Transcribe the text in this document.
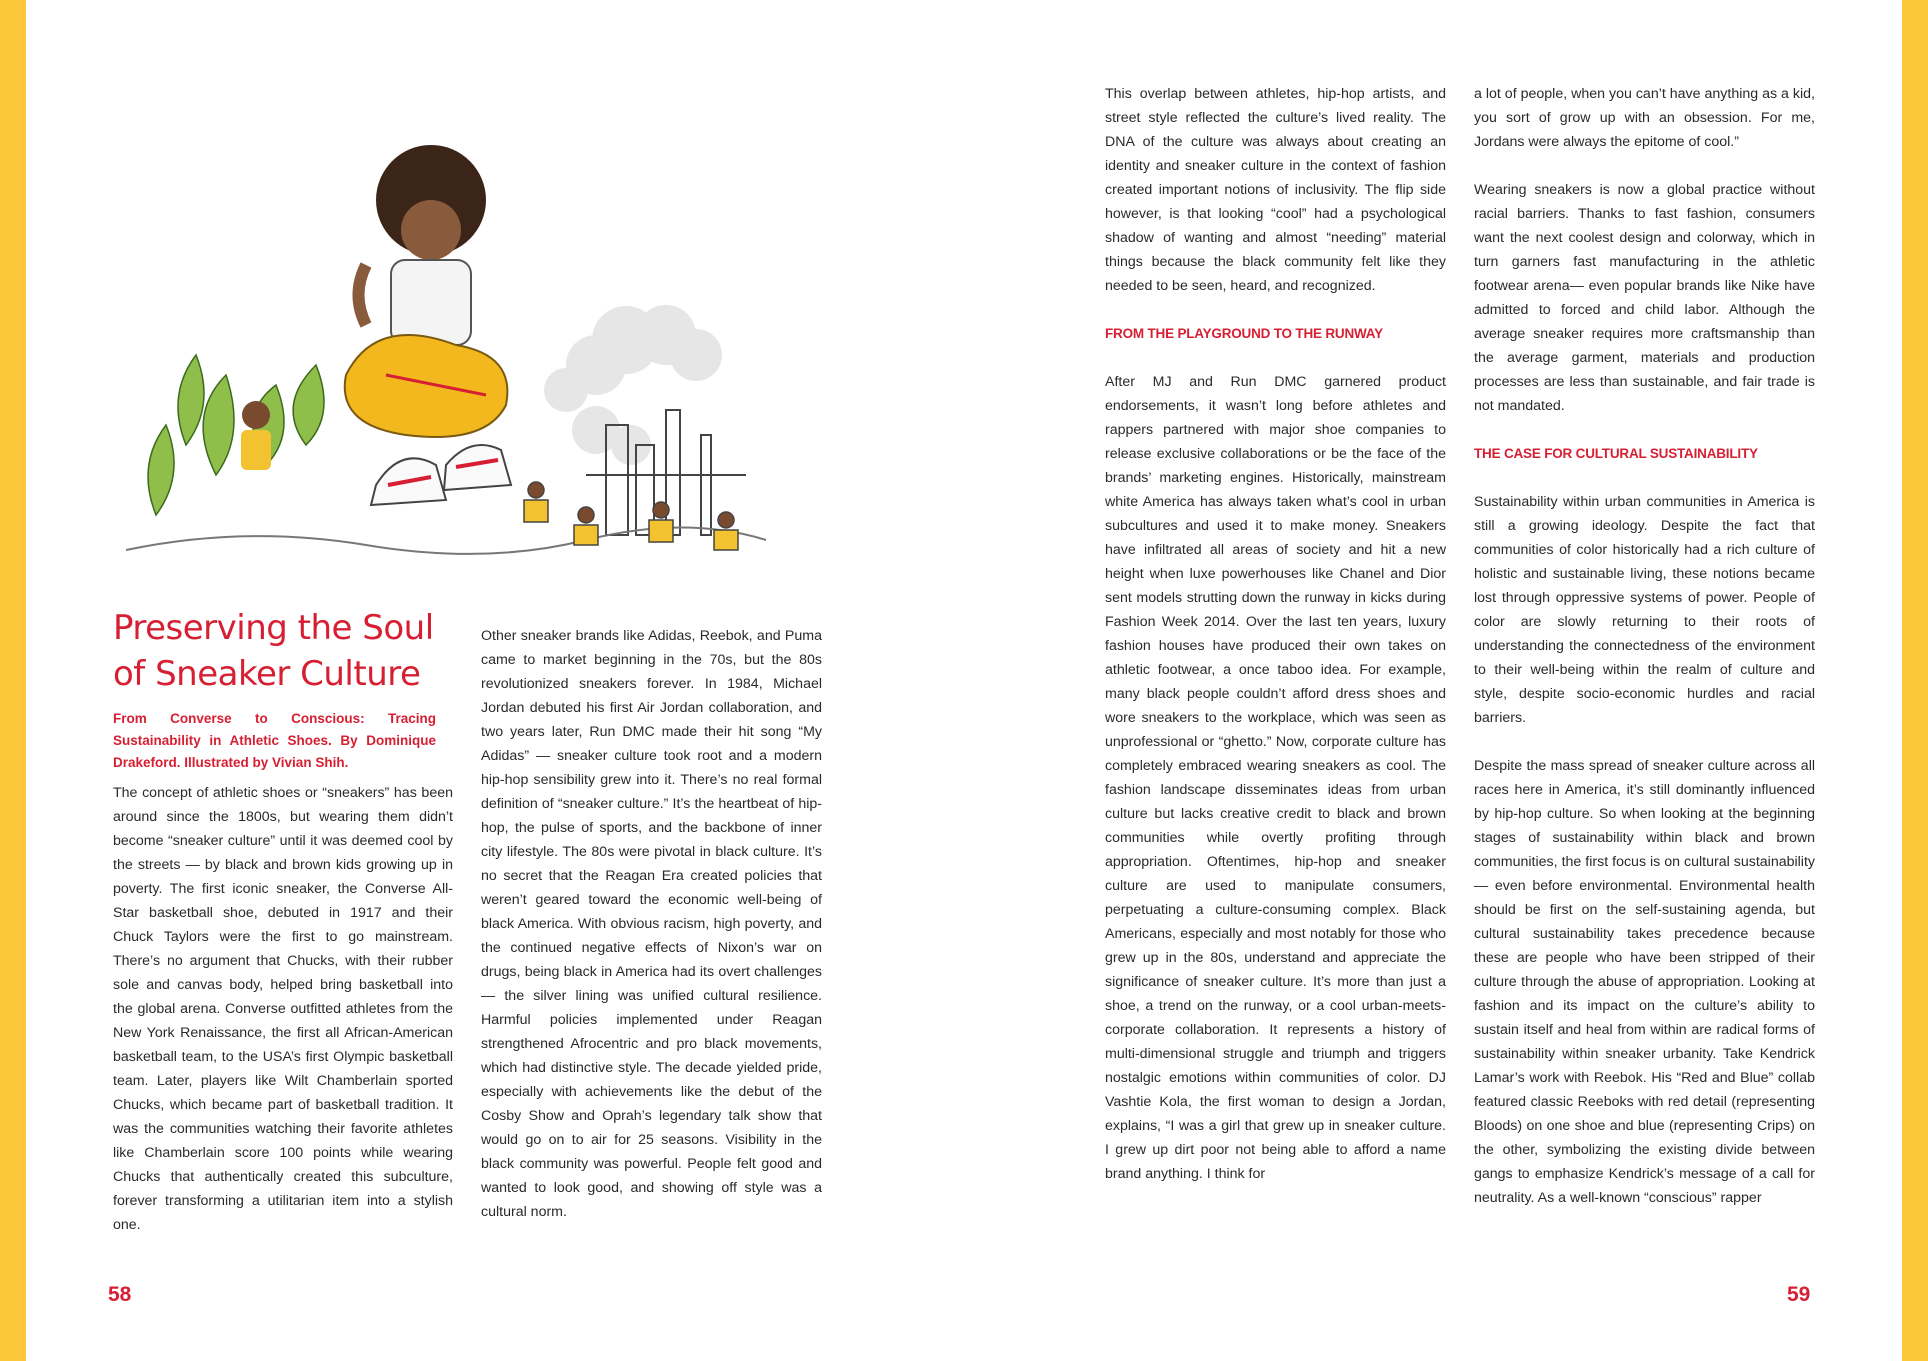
Preserving the Soul of Sneaker Culture

From Converse to Conscious: Tracing Sustainability in Athletic Shoes. By Dominique Drakeford. Illustrated by Vivian Shih.

The concept of athletic shoes or “sneakers” has been around since the 1800s, but wearing them didn’t become “sneaker culture” until it was deemed cool by the streets — by black and brown kids growing up in poverty. The first iconic sneaker, the Converse All-Star basketball shoe, debuted in 1917 and their Chuck Taylors were the first to go mainstream. There’s no argument that Chucks, with their rubber sole and canvas body, helped bring basketball into the global arena. Converse outfitted athletes from the New York Renaissance, the first all African-American basketball team, to the USA’s first Olympic basketball team. Later, players like Wilt Chamberlain sported Chucks, which became part of basketball tradition. It was the communities watching their favorite athletes like Chamberlain score 100 points while wearing Chucks that authentically created this subculture, forever transforming a utilitarian item into a stylish one.

Other sneaker brands like Adidas, Reebok, and Puma came to market beginning in the 70s, but the 80s revolutionized sneakers forever. In 1984, Michael Jordan debuted his first Air Jordan collaboration, and two years later, Run DMC made their hit song “My Adidas” — sneaker culture took root and a modern hip-hop sensibility grew into it. There’s no real formal definition of “sneaker culture.” It’s the heartbeat of hip-hop, the pulse of sports, and the backbone of inner city lifestyle. The 80s were pivotal in black culture. It’s no secret that the Reagan Era created policies that weren’t geared toward the economic well-being of black America. With obvious racism, high poverty, and the continued negative effects of Nixon’s war on drugs, being black in America had its overt challenges — the silver lining was unified cultural resilience. Harmful policies implemented under Reagan strengthened Afrocentric and pro black movements, which had distinctive style. The decade yielded pride, especially with achievements like the debut of the Cosby Show and Oprah’s legendary talk show that would go on to air for 25 seasons. Visibility in the black community was powerful. People felt good and wanted to look good, and showing off style was a cultural norm.

This overlap between athletes, hip-hop artists, and street style reflected the culture’s lived reality. The DNA of the culture was always about creating an identity and sneaker culture in the context of fashion created important notions of inclusivity. The flip side however, is that looking “cool” had a psychological shadow of wanting and almost “needing” material things because the black community felt like they needed to be seen, heard, and recognized.

FROM THE PLAYGROUND TO THE RUNWAY

After MJ and Run DMC garnered product endorsements, it wasn’t long before athletes and rappers partnered with major shoe companies to release exclusive collaborations or be the face of the brands’ marketing engines. Historically, mainstream white America has always taken what’s cool in urban subcultures and used it to make money. Sneakers have infiltrated all areas of society and hit a new height when luxe powerhouses like Chanel and Dior sent models strutting down the runway in kicks during Fashion Week 2014. Over the last ten years, luxury fashion houses have produced their own takes on athletic footwear, a once taboo idea. For example, many black people couldn’t afford dress shoes and wore sneakers to the workplace, which was seen as unprofessional or “ghetto.” Now, corporate culture has completely embraced wearing sneakers as cool. The fashion landscape disseminates ideas from urban culture but lacks creative credit to black and brown communities while overtly profiting through appropriation. Oftentimes, hip-hop and sneaker culture are used to manipulate consumers, perpetuating a culture-consuming complex. Black Americans, especially and most notably for those who grew up in the 80s, understand and appreciate the significance of sneaker culture. It’s more than just a shoe, a trend on the runway, or a cool urban-meets-corporate collaboration. It represents a history of multi-dimensional struggle and triumph and triggers nostalgic emotions within communities of color. DJ Vashtie Kola, the first woman to design a Jordan, explains, “I was a girl that grew up in sneaker culture. I grew up dirt poor not being able to afford a name brand anything. I think for

a lot of people, when you can’t have anything as a kid, you sort of grow up with an obsession. For me, Jordans were always the epitome of cool.”

Wearing sneakers is now a global practice without racial barriers. Thanks to fast fashion, consumers want the next coolest design and colorway, which in turn garners fast manufacturing in the athletic footwear arena— even popular brands like Nike have admitted to forced and child labor. Although the average sneaker requires more craftsmanship than the average garment, materials and production processes are less than sustainable, and fair trade is not mandated.

THE CASE FOR CULTURAL SUSTAINABILITY

Sustainability within urban communities in America is still a growing ideology. Despite the fact that communities of color historically had a rich culture of holistic and sustainable living, these notions became lost through oppressive systems of power. People of color are slowly returning to their roots of understanding the connectedness of the environment to their well-being within the realm of culture and style, despite socio-economic hurdles and racial barriers.

Despite the mass spread of sneaker culture across all races here in America, it’s still dominantly influenced by hip-hop culture. So when looking at the beginning stages of sustainability within black and brown communities, the first focus is on cultural sustainability — even before environmental. Environmental health should be first on the self-sustaining agenda, but cultural sustainability takes precedence because these are people who have been stripped of their culture through the abuse of appropriation. Looking at fashion and its impact on the culture’s ability to sustain itself and heal from within are radical forms of sustainability within sneaker urbanity. Take Kendrick Lamar’s work with Reebok. His “Red and Blue” collab featured classic Reeboks with red detail (representing Bloods) on one shoe and blue (representing Crips) on the other, symbolizing the existing divide between gangs to emphasize Kendrick’s message of a call for neutrality. As a well-known “conscious” rapper

58	59
